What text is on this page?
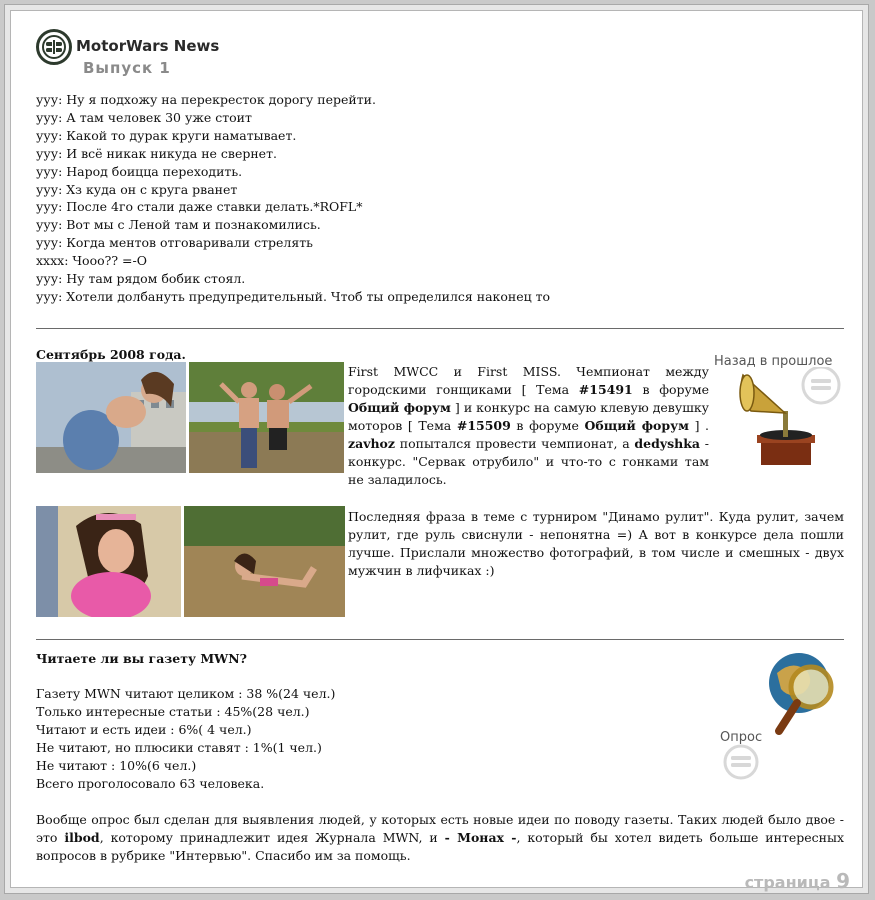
MotorWars News
Выпуск 1
ууу: Ну я подхожу на перекресток дорогу перейти.
ууу: А там человек 30 уже стоит
ууу: Какой то дурак круги наматывает.
ууу: И всё никак никуда не свернет.
ууу: Народ боицца переходить.
ууу: Хз куда он с круга рванет
ууу: После 4го стали даже ставки делать.*ROFL*
ууу: Вот мы с Леной там и познакомились.
ууу: Когда ментов отговаривали стрелять
хххх: Чооо?? =-O
ууу: Ну там рядом бобик стоял.
ууу: Хотели долбануть предупредительный. Чтоб ты определился наконец то
Сентябрь 2008 года.

First MWCC и First MISS. Чемпионат между городскими гонщиками [ Тема #15491 в форуме Общий форум ] и конкурс на самую клевую девушку моторов [ Тема #15509 в форуме Общий форум ] . zavhoz попытался провести чемпионат, а dedyshka - конкурс. "Сервак отрубило" и что-то с гонками там не заладилось.

Назад в прошлое

Последняя фраза в теме с турниром "Динамо рулит". Куда рулит, зачем рулит, где руль свиснули - непонятна =) А вот в конкурсе дела пошли лучше. Прислали множество фотографий, в том числе и смешных - двух мужчин в лифчиках :)

Читаете ли вы газету MWN?
Опрос
Газету MWN читают целиком : 38 %(24 чел.)
Только интересные статьи : 45%(28 чел.)
Читают и есть идеи : 6%( 4 чел.)
Не читают, но плюсики ставят : 1%(1 чел.)
Не читают : 10%(6 чел.)
Всего проголосовало 63 человека.

Вообще опрос был сделан для выявления людей, у которых есть новые идеи по поводу газеты. Таких людей было двое - это ilbod, которому принадлежит идея Журнала MWN, и - Монах -, который бы хотел видеть больше интересных вопросов в рубрике "Интервью". Спасибо им за помощь.

страница 9
